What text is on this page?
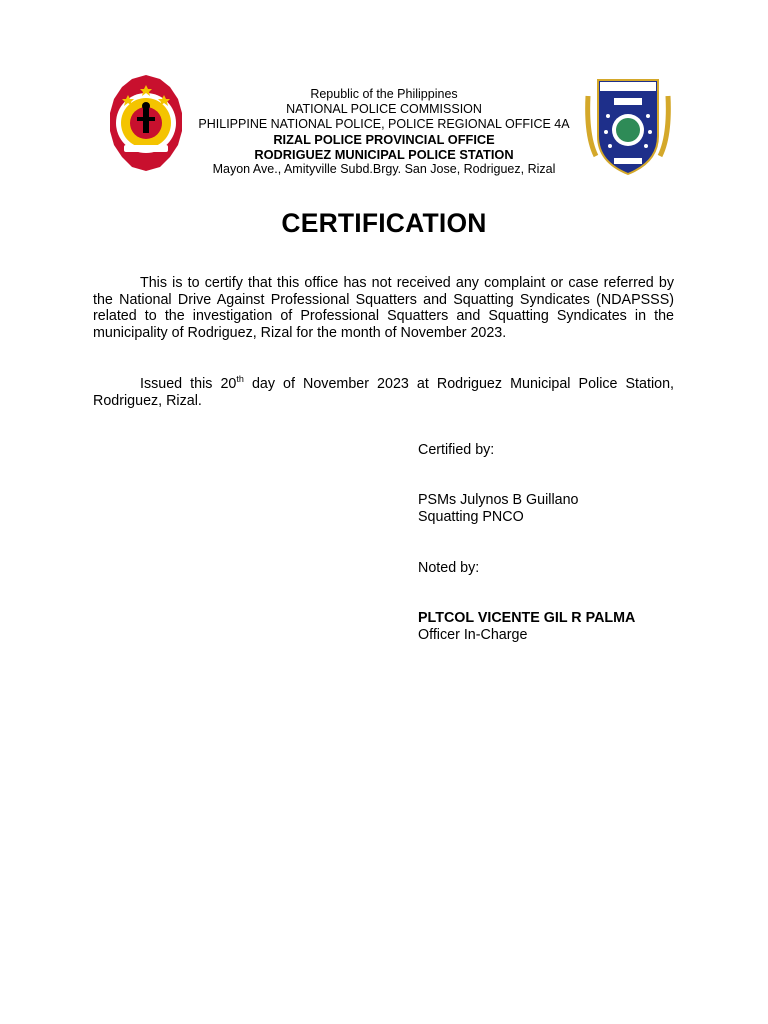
Republic of the Philippines
NATIONAL POLICE COMMISSION
PHILIPPINE NATIONAL POLICE, POLICE REGIONAL OFFICE 4A
RIZAL POLICE PROVINCIAL OFFICE
RODRIGUEZ MUNICIPAL POLICE STATION
Mayon Ave., Amityville Subd.Brgy. San Jose, Rodriguez, Rizal
CERTIFICATION
This is to certify that this office has not received any complaint or case referred by the National Drive Against Professional Squatters and Squatting Syndicates (NDAPSSS) related to the investigation of Professional Squatters and Squatting Syndicates in the municipality of Rodriguez, Rizal for the month of November 2023.
Issued this 20th day of November 2023 at Rodriguez Municipal Police Station, Rodriguez, Rizal.
Certified by:
PSMs Julynos B Guillano
Squatting PNCO
Noted by:
PLTCOL VICENTE GIL R PALMA
Officer In-Charge
